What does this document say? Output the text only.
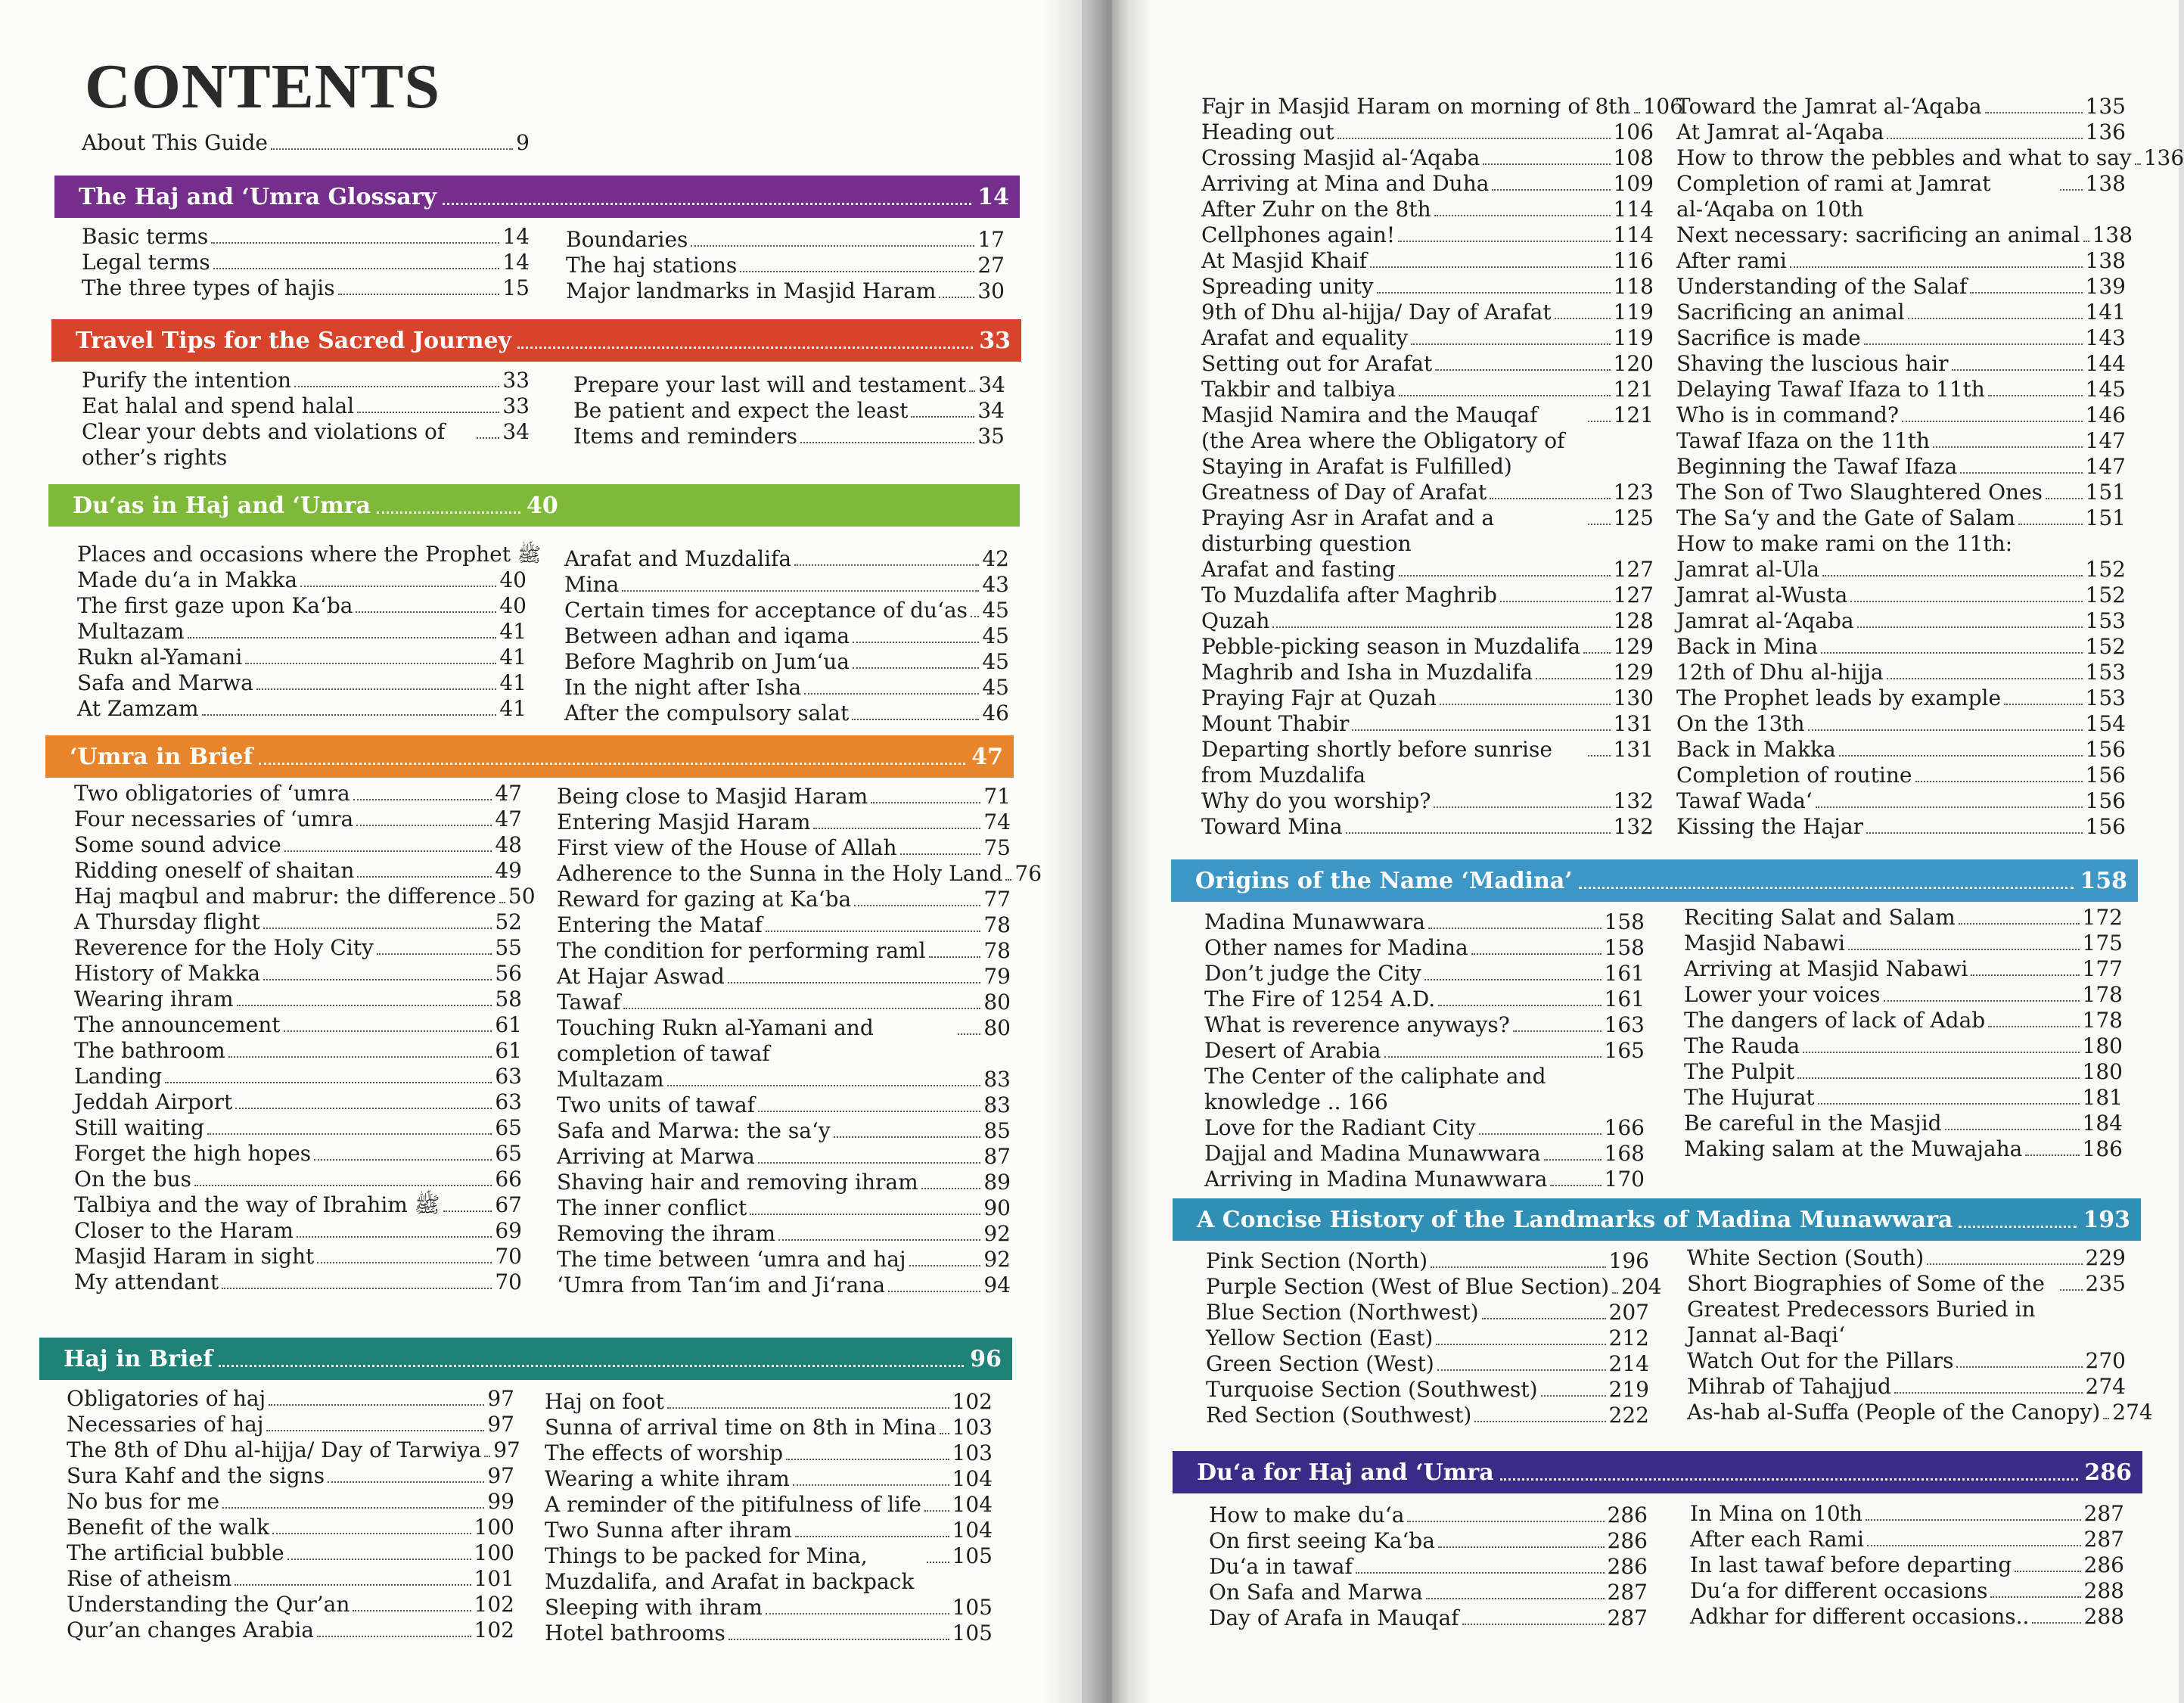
CONTENTS
About This Guide	9
The Haj and ‘Umra Glossary	14
Basic terms	14
Legal terms	14
The three types of hajis	15
Boundaries	17
The haj stations	27
Major landmarks in Masjid Haram 30
Travel Tips for the Sacred Journey	33
Purify the intention	33
Eat halal and spend halal	33
Clear your debts and violations of other’s rights
34
Prepare your last will and testament 34
Be patient and expect the least	34
Items and reminders	35
Du‘as in Haj and ‘Umra	40
Places and occasions where the Prophet
ﷺ
Made du‘a in Makka	40
The first gaze upon Ka‘ba	40
Multazam	41
Rukn al-Yamani	41
Safa and Marwa	41
At Zamzam	41
Arafat and Muzdalifa	42
Mina	43
Certain times for acceptance of du‘as 45
Between adhan and iqama	45
Before Maghrib on Jum‘ua	45
In the night after Isha	45
After the compulsory salat	46
‘Umra in Brief	47
Two obligatories of ‘umra	47
Four necessaries of ‘umra	47
Some sound advice	48
Ridding oneself of shaitan	49
Haj maqbul and mabrur: the difference 50
A Thursday flight	52
Reverence for the Holy City	55
History of Makka	56
Wearing ihram	58
The announcement	61
The bathroom	61
Landing	63
Jeddah Airport	63
Still waiting	65
Forget the high hopes	65
On the bus	66
Talbiya and the way of Ibrahim ﷺ	67
Closer to the Haram	69
Masjid Haram in sight	70
My attendant	70
Being close to Masjid Haram	71
Entering Masjid Haram	74
First view of the House of Allah	75
Adherence to the Sunna in the Holy Land 76
Reward for gazing at Ka‘ba	77
Entering the Mataf	78
The condition for performing raml	78
At Hajar Aswad	79
Tawaf	80
Touching Rukn al-Yamani and completion of tawaf
80
Multazam	83
Two units of tawaf	83
Safa and Marwa: the sa‘y	85
Arriving at Marwa	87
Shaving hair and removing ihram	89
The inner conflict	90
Removing the ihram	92
The time between ‘umra and haj	92
‘Umra from Tan‘im and Ji‘rana	94
Haj in Brief	96
Obligatories of haj	97
Necessaries of haj	97
The 8th of Dhu al-hijja/ Day of Tarwiya 97
Sura Kahf and the signs	97
No bus for me	99
Benefit of the walk	100
The artificial bubble	100
Rise of atheism	101
Understanding the Qur’an	102
Qur’an changes Arabia	102
Haj on foot	102
Sunna of arrival time on 8th in Mina 103
The effects of worship	103
Wearing a white ihram	104
A reminder of the pitifulness of life 104
Two Sunna after ihram	104
Things to be packed for Mina, Muzdalifa, and Arafat in backpack
105
Sleeping with ihram	105
Hotel bathrooms	105
Fajr in Masjid Haram on morning of 8th 106
Heading out	106
Crossing Masjid al-‘Aqaba	108
Arriving at Mina and Duha	109
After Zuhr on the 8th	114
Cellphones again!	114
At Masjid Khaif	116
Spreading unity	118
9th of Dhu al-hijja/ Day of Arafat	119
Arafat and equality	119
Setting out for Arafat	120
Takbir and talbiya	121
Masjid Namira and the Mauqaf (the Area where the Obligatory of Staying in Arafat is Fulfilled)
121
Greatness of Day of Arafat	123
Praying Asr in Arafat and a disturbing question
125
Arafat and fasting	127
To Muzdalifa after Maghrib	127
Quzah	128
Pebble-picking season in Muzdalifa 129
Maghrib and Isha in Muzdalifa	129
Praying Fajr at Quzah	130
Mount Thabir	131
Departing shortly before sunrise from Muzdalifa
131
Why do you worship?	132
Toward Mina	132
Toward the Jamrat al-‘Aqaba	135
At Jamrat al-‘Aqaba	136
How to throw the pebbles and what to say 136
Completion of rami at Jamrat al-‘Aqaba on 10th
138
Next necessary: sacrificing an animal 138
After rami	138
Understanding of the Salaf	139
Sacrificing an animal	141
Sacrifice is made	143
Shaving the luscious hair	144
Delaying Tawaf Ifaza to 11th	145
Who is in command?	146
Tawaf Ifaza on the 11th	147
Beginning the Tawaf Ifaza	147
The Son of Two Slaughtered Ones 151
The Sa‘y and the Gate of Salam	151
How to make rami on the 11th:
Jamrat al-Ula	152
Jamrat al-Wusta	152
Jamrat al-‘Aqaba	153
Back in Mina	152
12th of Dhu al-hijja	153
The Prophet leads by example	153
On the 13th	154
Back in Makka	156
Completion of routine	156
Tawaf Wada‘	156
Kissing the Hajar	156
Origins of the Name ‘Madina’	158
Madina Munawwara	158
Other names for Madina	158
Don’t judge the City	161
The Fire of 1254 A.D.	161
What is reverence anyways?	163
Desert of Arabia	165
The Center of the caliphate and knowledge .. 166
Love for the Radiant City	166
Dajjal and Madina Munawwara	168
Arriving in Madina Munawwara	170
Reciting Salat and Salam	172
Masjid Nabawi	175
Arriving at Masjid Nabawi	177
Lower your voices	178
The dangers of lack of Adab	178
The Rauda	180
The Pulpit	180
The Hujurat	181
Be careful in the Masjid	184
Making salam at the Muwajaha	186
A Concise History of the Landmarks of Madina Munawwara	193
Pink Section (North)	196
Purple Section (West of Blue Section) 204
Blue Section (Northwest)	207
Yellow Section (East)	212
Green Section (West)	214
Turquoise Section (Southwest)	219
Red Section (Southwest)	222
White Section (South)	229
Short Biographies of Some of the Greatest Predecessors Buried in Jannat al-Baqi‘
235
Watch Out for the Pillars	270
Mihrab of Tahajjud	274
As-hab al-Suffa (People of the Canopy) 274
Du‘a for Haj and ‘Umra	286
How to make du‘a	286
On first seeing Ka‘ba	286
Du‘a in tawaf	286
On Safa and Marwa	287
Day of Arafa in Mauqaf	287
In Mina on 10th	287
After each Rami	287
In last tawaf before departing	286
Du‘a for different occasions	288
Adkhar for different occasions..	288
